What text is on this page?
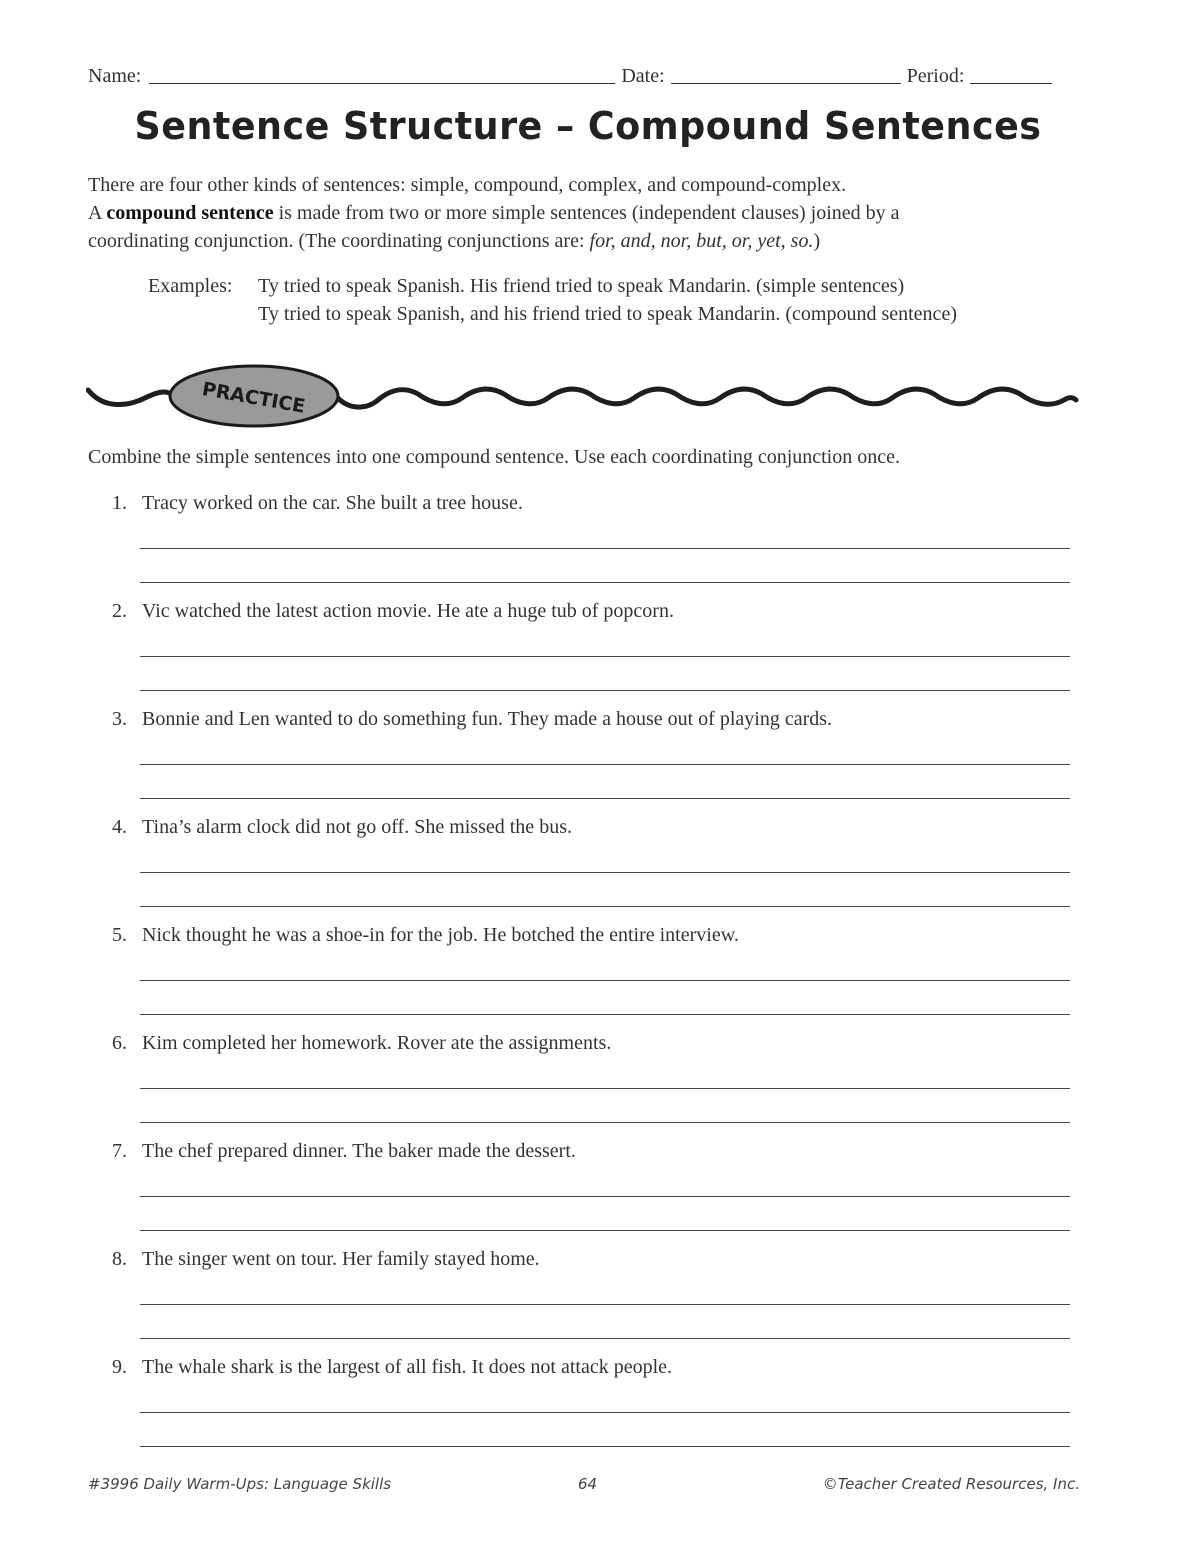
Name:	Date:	Period:
Sentence Structure – Compound Sentences

There are four other kinds of sentences: simple, compound, complex, and compound-complex.

A compound sentence is made from two or more simple sentences (independent clauses) joined by a

coordinating conjunction. (The coordinating conjunctions are: for, and, nor, but, or, yet, so.)

Examples:	Ty tried to speak Spanish. His friend tried to speak Mandarin. (simple sentences)
Ty tried to speak Spanish, and his friend tried to speak Mandarin. (compound sentence)
PRACTICE
Combine the simple sentences into one compound sentence. Use each coordinating conjunction once.
1. Tracy worked on the car. She built a tree house.
2. Vic watched the latest action movie. He ate a huge tub of popcorn.
3. Bonnie and Len wanted to do something fun. They made a house out of playing cards.
4. Tina’s alarm clock did not go off. She missed the bus.
5. Nick thought he was a shoe-in for the job. He botched the entire interview.
6. Kim completed her homework. Rover ate the assignments.
7. The chef prepared dinner. The baker made the dessert.
8. The singer went on tour. Her family stayed home.
9. The whale shark is the largest of all fish. It does not attack people.
#3996 Daily Warm-Ups: Language Skills	64	©Teacher Created Resources, Inc.
